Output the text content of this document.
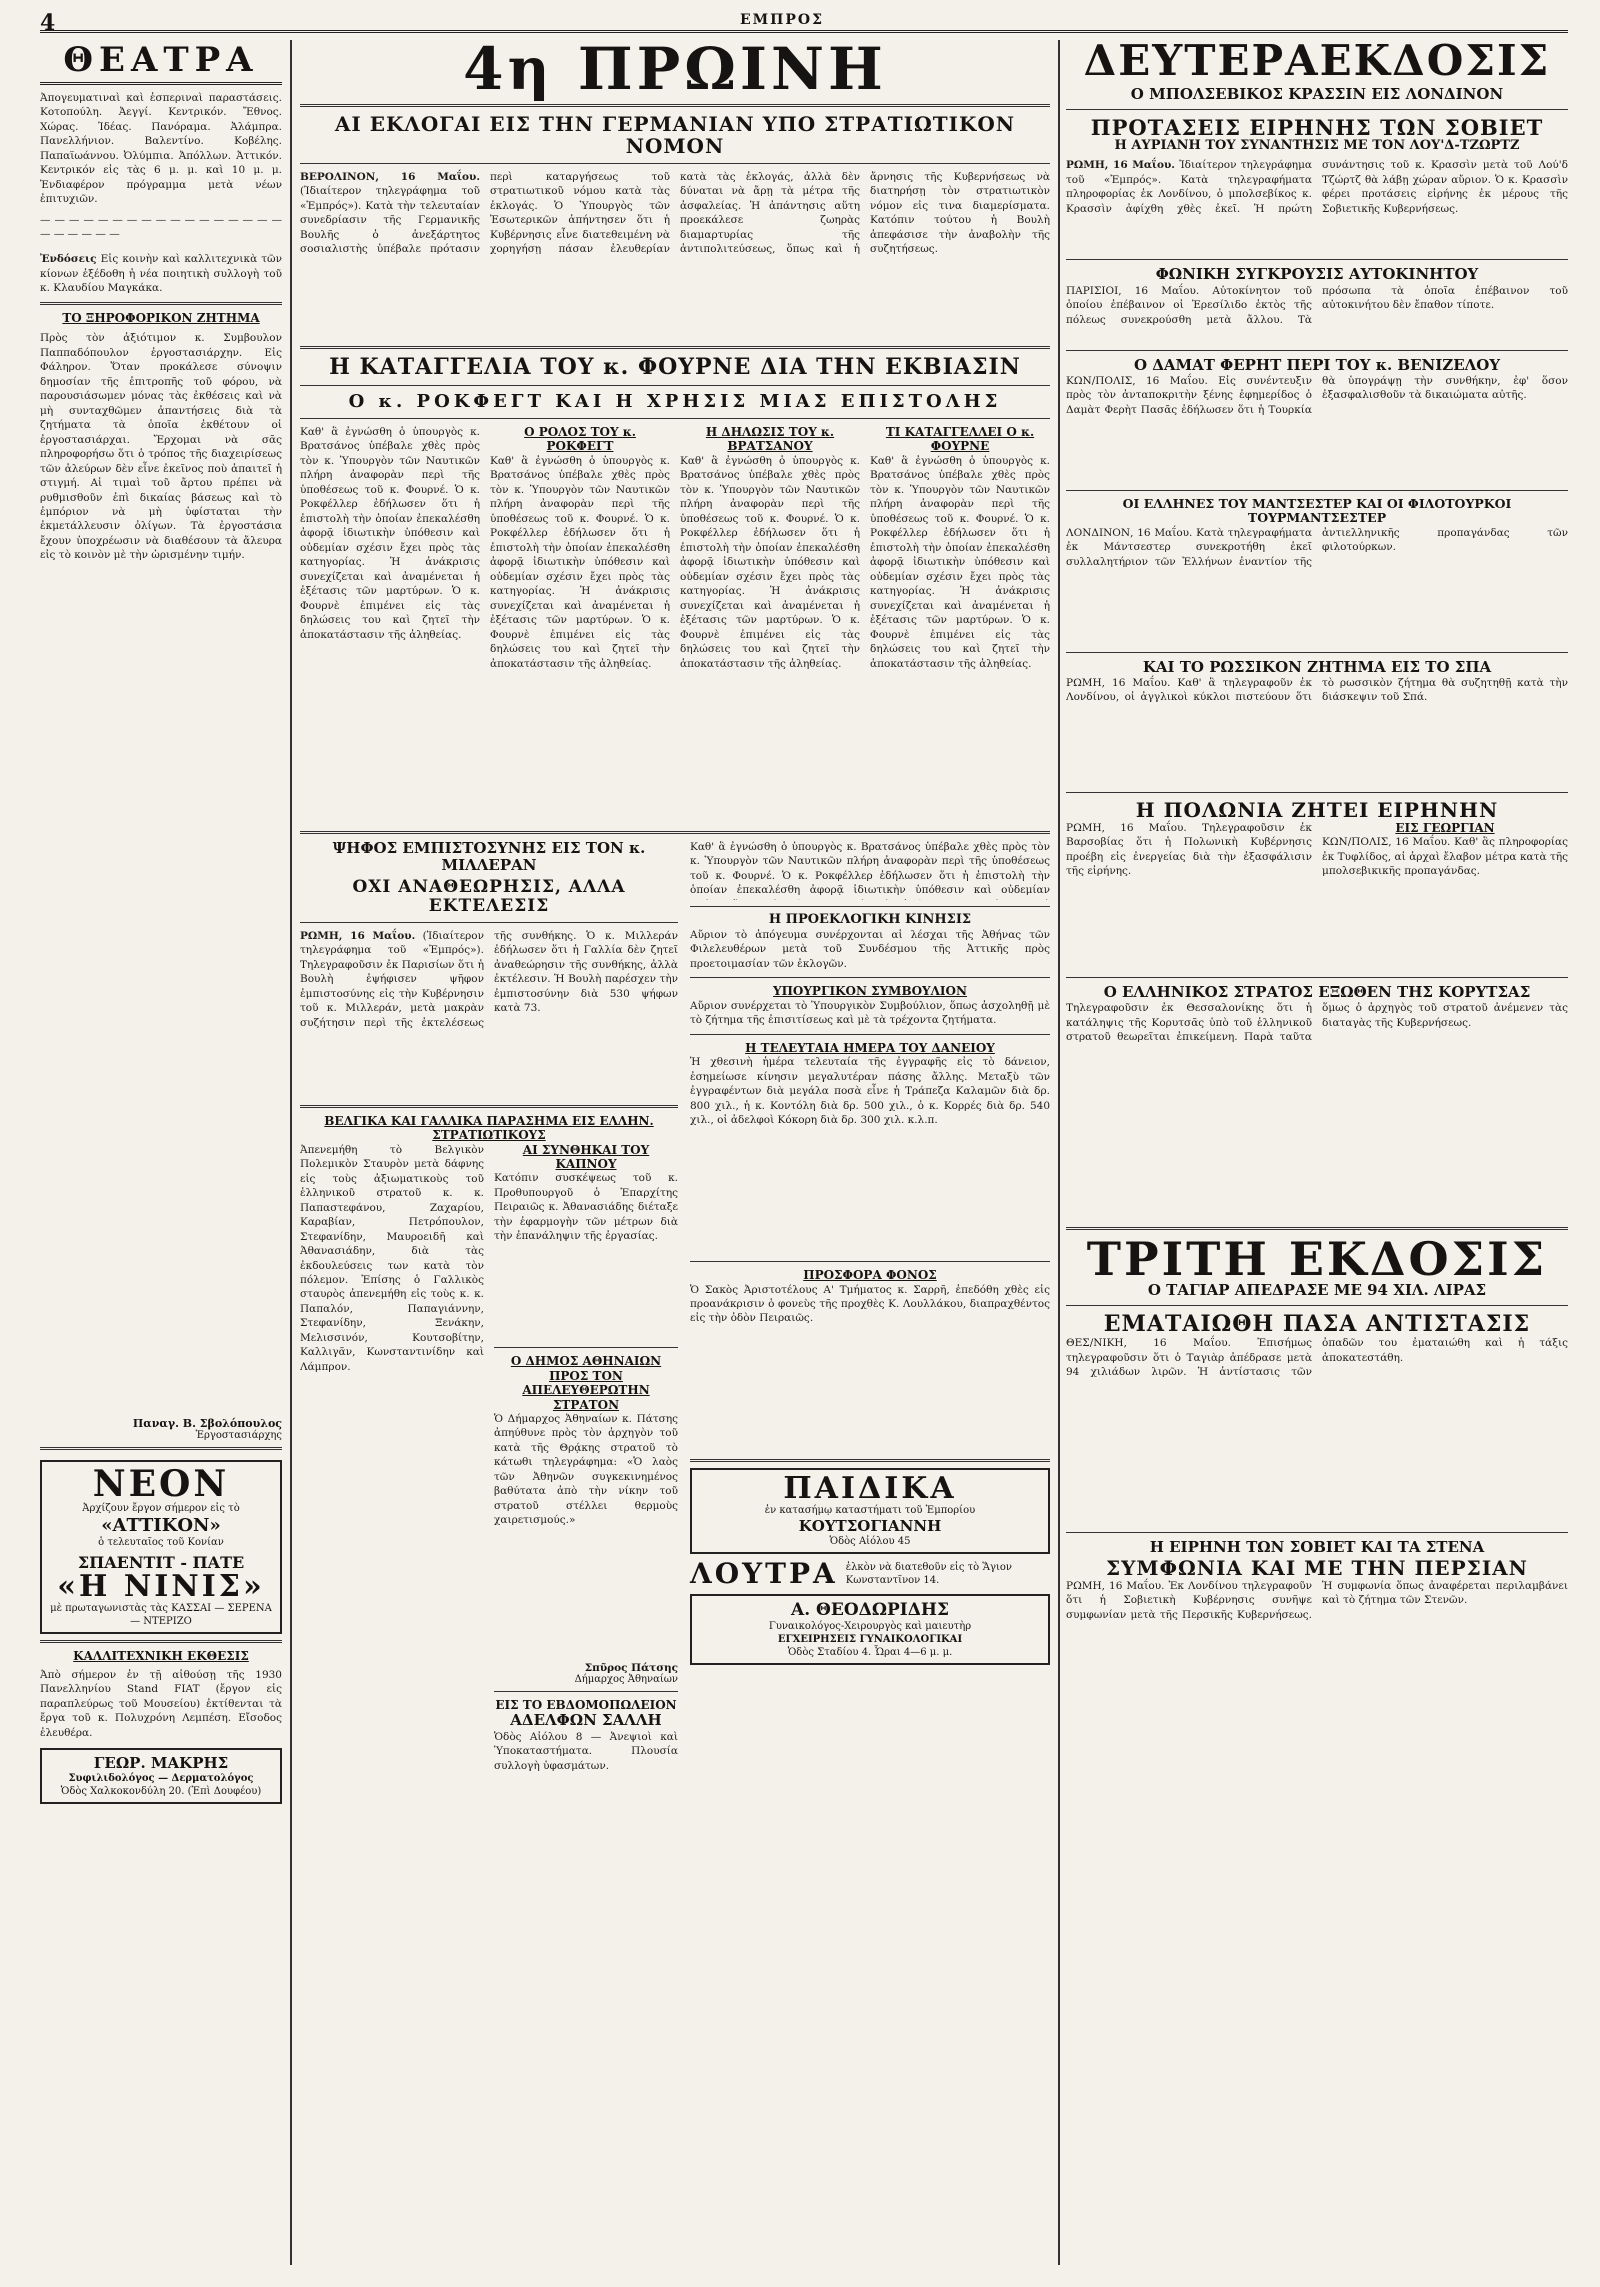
4	ΕΜΠΡΟΣ
ΘΕΑΤΡΑ

Ἀπογευματιναὶ καὶ ἑσπεριναὶ παραστάσεις. Κοτοπούλη. Ἀεγγί. Κεντρικόν. Ἔθνος. Χώρας. Ἰδέας. Πανόραμα. Ἀλάμπρα. Πανελλήνιον. Βαλεντίνο. Κοβέλης. Παπαϊωάννου. Ὀλύμπια. Ἀπόλλων. Ἀττικόν. Κεντρικόν εἰς τὰς 6 μ. μ. καὶ 10 μ. μ. Ἐνδιαφέρον πρόγραμμα μετὰ νέων ἐπιτυχιῶν.

— — — — — — — — — — — — — — — — — — — — — — —

Ἐνδόσεις Εἰς κοινὴν καὶ καλλιτεχνικὰ τῶν κίονων ἐξέδοθη ἡ νέα ποιητικὴ συλλογὴ τοῦ κ. Κλαυδίου Μαγκάκα.

ΤΟ ΞΗΡΟΦΟΡΙΚΟΝ ΖΗΤΗΜΑ

Πρὸς τὸν ἀξιότιμον κ. Συμβουλον Παππαδόπουλον ἐργοστασιάρχην. Εἰς Φάληρον. Ὅταν προκάλεσε σύνοψιν δημοσίαν τῆς ἐπιτροπῆς τοῦ φόρου, νὰ παρουσιάσωμεν μόνας τὰς ἐκθέσεις καὶ νὰ μὴ συνταχθῶμεν ἀπαντήσεις διὰ τὰ ζητήματα τὰ ὁποῖα ἐκθέτουν οἱ ἐργοστασιάρχαι. Ἔρχομαι νὰ σᾶς πληροφορήσω ὅτι ὁ τρόπος τῆς διαχειρίσεως τῶν ἀλεύρων δὲν εἶνε ἐκεῖνος ποὺ ἀπαιτεῖ ἡ στιγμή. Αἱ τιμαὶ τοῦ ἄρτου πρέπει νὰ ρυθμισθοῦν ἐπὶ δικαίας βάσεως καὶ τὸ ἐμπόριον νὰ μὴ ὑφίσταται τὴν ἐκμετάλλευσιν ὀλίγων. Τὰ ἐργοστάσια ἔχουν ὑποχρέωσιν νὰ διαθέσουν τὰ ἄλευρα εἰς τὸ κοινὸν μὲ τὴν ὡρισμένην τιμήν.

Παναγ. Β. Σβολόπουλος
Ἐργοστασιάρχης
ΝΕΟΝ
Ἀρχίζουν ἔργον σήμερον εἰς τὸ
«ΑΤΤΙΚΟΝ»
ὁ τελευταῖος τοῦ Κονίαν
ΣΠΑΕΝΤΙΤ - ΠΑΤΕ
«Η ΝΙΝΙΣ»
μὲ πρωταγωνιστὰς τὰς ΚΑΣΣΑΙ — ΣΕΡΕΝΑ — ΝΤΕΡΙΖΟ
ΚΑΛΛΙΤΕΧΝΙΚΗ ΕΚΘΕΣΙΣ

Ἀπὸ σήμερον ἐν τῇ αἰθούσῃ τῆς 1930 Πανελληνίου Stand FIAT (ἔργον εἰς παραπλεύρως τοῦ Μουσείου) ἐκτίθενται τὰ ἔργα τοῦ κ. Πολυχρόνη Λεμπέση. Εἴσοδος ἐλευθέρα.

ΓΕΩΡ. ΜΑΚΡΗΣ
Συφιλιδολόγος — Δερματολόγος
Ὁδὸς Χαλκοκονδύλη 20. (Ἐπὶ Δουφέου)
4η ΠΡΩΙΝΗ
ΑΙ ΕΚΛΟΓΑΙ ΕΙΣ ΤΗΝ ΓΕΡΜΑΝΙΑΝ ΥΠΟ ΣΤΡΑΤΙΩΤΙΚΟΝ ΝΟΜΟΝ

ΒΕΡΟΛΙΝΟΝ, 16 Μαΐου. (Ἰδιαίτερον τηλεγράφημα τοῦ «Ἐμπρός»). Κατὰ τὴν τελευταίαν συνεδρίασιν τῆς Γερμανικῆς Βουλῆς ὁ ἀνεξάρτητος σοσιαλιστὴς ὑπέβαλε πρότασιν περὶ καταργήσεως τοῦ στρατιωτικοῦ νόμου κατὰ τὰς ἐκλογάς. Ὁ Ὑπουργὸς τῶν Ἐσωτερικῶν ἀπήντησεν ὅτι ἡ Κυβέρνησις εἶνε διατεθειμένη νὰ χορηγήσῃ πάσαν ἐλευθερίαν κατὰ τὰς ἐκλογάς, ἀλλὰ δὲν δύναται νὰ ἄρῃ τὰ μέτρα τῆς ἀσφαλείας. Ἡ ἀπάντησις αὕτη προεκάλεσε ζωηρὰς διαμαρτυρίας τῆς ἀντιπολιτεύσεως, ὅπως καὶ ἡ ἄρνησις τῆς Κυβερνήσεως νὰ διατηρήσῃ τὸν στρατιωτικὸν νόμον εἰς τινα διαμερίσματα. Κατόπιν τούτου ἡ Βουλὴ ἀπεφάσισε τὴν ἀναβολὴν τῆς συζητήσεως.

Η ΚΑΤΑΓΓΕΛΙΑ ΤΟΥ κ. ΦΟΥΡΝΕ ΔΙΑ ΤΗΝ ΕΚΒΙΑΣΙΝ
Ο κ. ΡΟΚΦΕΓΤ ΚΑΙ Η ΧΡΗΣΙΣ ΜΙΑΣ ΕΠΙΣΤΟΛΗΣ

Καθ' ἃ ἐγνώσθη ὁ ὑπουργὸς κ. Βρατσάνος ὑπέβαλε χθὲς πρὸς τὸν κ. Ὑπουργὸν τῶν Ναυτικῶν πλήρη ἀναφορὰν περὶ τῆς ὑποθέσεως τοῦ κ. Φουρνέ. Ὁ κ. Ροκφέλλερ ἐδήλωσεν ὅτι ἡ ἐπιστολὴ τὴν ὁποίαν ἐπεκαλέσθη ἀφορᾷ ἰδιωτικὴν ὑπόθεσιν καὶ οὐδεμίαν σχέσιν ἔχει πρὸς τὰς κατηγορίας. Ἡ ἀνάκρισις συνεχίζεται καὶ ἀναμένεται ἡ ἐξέτασις τῶν μαρτύρων. Ὁ κ. Φουρνὲ ἐπιμένει εἰς τὰς δηλώσεις του καὶ ζητεῖ τὴν ἀποκατάστασιν τῆς ἀληθείας.

Ο ΡΟΛΟΣ ΤΟΥ κ. ΡΟΚΦΕΓΤ

Καθ' ἃ ἐγνώσθη ὁ ὑπουργὸς κ. Βρατσάνος ὑπέβαλε χθὲς πρὸς τὸν κ. Ὑπουργὸν τῶν Ναυτικῶν πλήρη ἀναφορὰν περὶ τῆς ὑποθέσεως τοῦ κ. Φουρνέ. Ὁ κ. Ροκφέλλερ ἐδήλωσεν ὅτι ἡ ἐπιστολὴ τὴν ὁποίαν ἐπεκαλέσθη ἀφορᾷ ἰδιωτικὴν ὑπόθεσιν καὶ οὐδεμίαν σχέσιν ἔχει πρὸς τὰς κατηγορίας. Ἡ ἀνάκρισις συνεχίζεται καὶ ἀναμένεται ἡ ἐξέτασις τῶν μαρτύρων. Ὁ κ. Φουρνὲ ἐπιμένει εἰς τὰς δηλώσεις του καὶ ζητεῖ τὴν ἀποκατάστασιν τῆς ἀληθείας.

Η ΔΗΛΩΣΙΣ ΤΟΥ κ. ΒΡΑΤΣΑΝΟΥ

Καθ' ἃ ἐγνώσθη ὁ ὑπουργὸς κ. Βρατσάνος ὑπέβαλε χθὲς πρὸς τὸν κ. Ὑπουργὸν τῶν Ναυτικῶν πλήρη ἀναφορὰν περὶ τῆς ὑποθέσεως τοῦ κ. Φουρνέ. Ὁ κ. Ροκφέλλερ ἐδήλωσεν ὅτι ἡ ἐπιστολὴ τὴν ὁποίαν ἐπεκαλέσθη ἀφορᾷ ἰδιωτικὴν ὑπόθεσιν καὶ οὐδεμίαν σχέσιν ἔχει πρὸς τὰς κατηγορίας. Ἡ ἀνάκρισις συνεχίζεται καὶ ἀναμένεται ἡ ἐξέτασις τῶν μαρτύρων. Ὁ κ. Φουρνὲ ἐπιμένει εἰς τὰς δηλώσεις του καὶ ζητεῖ τὴν ἀποκατάστασιν τῆς ἀληθείας.

ΤΙ ΚΑΤΑΓΓΕΛΛΕΙ Ο κ. ΦΟΥΡΝΕ

Καθ' ἃ ἐγνώσθη ὁ ὑπουργὸς κ. Βρατσάνος ὑπέβαλε χθὲς πρὸς τὸν κ. Ὑπουργὸν τῶν Ναυτικῶν πλήρη ἀναφορὰν περὶ τῆς ὑποθέσεως τοῦ κ. Φουρνέ. Ὁ κ. Ροκφέλλερ ἐδήλωσεν ὅτι ἡ ἐπιστολὴ τὴν ὁποίαν ἐπεκαλέσθη ἀφορᾷ ἰδιωτικὴν ὑπόθεσιν καὶ οὐδεμίαν σχέσιν ἔχει πρὸς τὰς κατηγορίας. Ἡ ἀνάκρισις συνεχίζεται καὶ ἀναμένεται ἡ ἐξέτασις τῶν μαρτύρων. Ὁ κ. Φουρνὲ ἐπιμένει εἰς τὰς δηλώσεις του καὶ ζητεῖ τὴν ἀποκατάστασιν τῆς ἀληθείας.

ΨΗΦΟΣ ΕΜΠΙΣΤΟΣΥΝΗΣ ΕΙΣ ΤΟΝ κ. ΜΙΛΛΕΡΑΝ
ΟΧΙ ΑΝΑΘΕΩΡΗΣΙΣ, ΑΛΛΑ ΕΚΤΕΛΕΣΙΣ

ΡΩΜΗ, 16 Μαΐου. (Ἰδιαίτερον τηλεγράφημα τοῦ «Ἐμπρός»). Τηλεγραφοῦσιν ἐκ Παρισίων ὅτι ἡ Βουλὴ ἐψήφισεν ψῆφον ἐμπιστοσύνης εἰς τὴν Κυβέρνησιν τοῦ κ. Μιλλεράν, μετὰ μακρὰν συζήτησιν περὶ τῆς ἐκτελέσεως τῆς συνθήκης. Ὁ κ. Μιλλεράν ἐδήλωσεν ὅτι ἡ Γαλλία δὲν ζητεῖ ἀναθεώρησιν τῆς συνθήκης, ἀλλὰ ἐκτέλεσιν. Ἡ Βουλὴ παρέσχεν τὴν ἐμπιστοσύνην διὰ 530 ψήφων κατὰ 73.

ΒΕΛΓΙΚΑ ΚΑΙ ΓΑΛΛΙΚΑ ΠΑΡΑΣΗΜΑ ΕΙΣ ΕΛΛΗΝ. ΣΤΡΑΤΙΩΤΙΚΟΥΣ

Ἀπενεμήθη τὸ Βελγικὸν Πολεμικὸν Σταυρὸν μετὰ δάφνης εἰς τοὺς ἀξιωματικοὺς τοῦ ἑλληνικοῦ στρατοῦ κ. κ. Παπαστεφάνου, Ζαχαρίου, Καραβίαν, Πετρόπουλον, Στεφανίδην, Μαυροειδῆ καὶ Ἀθανασιάδην, διὰ τὰς ἐκδουλεύσεις των κατὰ τὸν πόλεμον. Ἐπίσης ὁ Γαλλικὸς σταυρὸς ἀπενεμήθη εἰς τοὺς κ. κ. Παπαλόν, Παπαγιάννην, Στεφανίδην, Ξενάκην, Μελισσινόν, Κουτσοβίτην, Καλλιγᾶν, Κωνσταντινίδην καὶ Λάμπρον.

ΑΙ ΣΥΝΘΗΚΑΙ ΤΟΥ ΚΑΠΝΟΥ

Κατόπιν συσκέψεως τοῦ κ. Προθυπουργοῦ ὁ Ἐπαρχίτης Πειραιῶς κ. Ἀθανασιάδης διέταξε τὴν ἐφαρμογὴν τῶν μέτρων διὰ τὴν ἐπανάληψιν τῆς ἐργασίας.

Ο ΔΗΜΟΣ ΑΘΗΝΑΙΩΝ ΠΡΟΣ ΤΟΝ ΑΠΕΛΕΥΘΕΡΩΤΗΝ ΣΤΡΑΤΟΝ

Ὁ Δήμαρχος Ἀθηναίων κ. Πάτσης ἀπηύθυνε πρὸς τὸν ἀρχηγὸν τοῦ κατὰ τῆς Θρᾴκης στρατοῦ τὸ κάτωθι τηλεγράφημα: «Ὁ λαὸς τῶν Ἀθηνῶν συγκεκινημένος βαθύτατα ἀπὸ τὴν νίκην τοῦ στρατοῦ στέλλει θερμοὺς χαιρετισμούς.»

Σπῦρος Πάτσης
Δήμαρχος Ἀθηναίων
ΕΙΣ ΤΟ ΕΒΔΟΜΟΠΩΛΕΙΟΝ
ΑΔΕΛΦΩΝ ΣΑΛΛΗ

Ὁδὸς Αἰόλου 8 — Ἀνεψιοὶ καὶ Ὑποκαταστήματα. Πλουσία συλλογὴ ὑφασμάτων.

Καθ' ἃ ἐγνώσθη ὁ ὑπουργὸς κ. Βρατσάνος ὑπέβαλε χθὲς πρὸς τὸν κ. Ὑπουργὸν τῶν Ναυτικῶν πλήρη ἀναφορὰν περὶ τῆς ὑποθέσεως τοῦ κ. Φουρνέ. Ὁ κ. Ροκφέλλερ ἐδήλωσεν ὅτι ἡ ἐπιστολὴ τὴν ὁποίαν ἐπεκαλέσθη ἀφορᾷ ἰδιωτικὴν ὑπόθεσιν καὶ οὐδεμίαν

Η ΠΡΟΕΚΛΟΓΙΚΗ ΚΙΝΗΣΙΣ

Αὔριον τὸ ἀπόγευμα συνέρχονται αἱ λέσχαι τῆς Ἀθήνας τῶν Φιλελευθέρων μετὰ τοῦ Συνδέσμου τῆς Ἀττικῆς πρὸς προετοιμασίαν τῶν ἐκλογῶν.

ΥΠΟΥΡΓΙΚΟΝ ΣΥΜΒΟΥΛΙΟΝ

Αὔριον συνέρχεται τὸ Ὑπουργικὸν Συμβούλιον, ὅπως ἀσχοληθῇ μὲ τὸ ζήτημα τῆς ἐπισιτίσεως καὶ μὲ τὰ τρέχοντα ζητήματα.

Η ΤΕΛΕΥΤΑΙΑ ΗΜΕΡΑ ΤΟΥ ΔΑΝΕΙΟΥ

Ἡ χθεσινὴ ἡμέρα τελευταία τῆς ἐγγραφῆς εἰς τὸ δάνειον, ἐσημείωσε κίνησιν μεγαλυτέραν πάσης ἄλλης. Μεταξὺ τῶν ἐγγραφέντων διὰ μεγάλα ποσὰ εἶνε ἡ Τράπεζα Καλαμῶν διὰ δρ. 800 χιλ., ἡ κ. Κοντόλη διὰ δρ. 500 χιλ., ὁ κ. Κορρές διὰ δρ. 540 χιλ., οἱ ἀδελφοὶ Κόκορη διὰ δρ. 300 χιλ. κ.λ.π.

ΠΡΟΣΦΟΡΑ ΦΟΝΟΣ

Ὁ Σακὸς Ἀριστοτέλους Α' Τμήματος κ. Σαρρῆ, ἐπεδόθη χθὲς εἰς προανάκρισιν ὁ φονεὺς τῆς προχθὲς Κ. Λουλλάκου, διαπραχθέντος εἰς τὴν ὁδὸν Πειραιῶς.

ΠΑΙΔΙΚΑ
ἐν κατασήμῳ καταστήματι τοῦ Ἐμπορίου
ΚΟΥΤΣΟΓΙΑΝΝΗ
Ὁδὸς Αἰόλου 45
ΛΟΥΤΡΑ ἐλκὸν νὰ διατεθοῦν εἰς τὸ Ἅγιον Κωνσταντῖνον 14.
Α. ΘΕΟΔΩΡΙΔΗΣ
Γυναικολόγος-Χειρουργὸς καὶ μαιευτὴρ
ΕΓΧΕΙΡΗΣΕΙΣ ΓΥΝΑΙΚΟΛΟΓΙΚΑΙ
Ὁδὸς Σταδίου 4. Ὧραι 4—6 μ. μ.
ΔΕΥΤΕΡΑΕΚΔΟΣΙΣ
Ο ΜΠΟΛΣΕΒΙΚΟΣ ΚΡΑΣΣΙΝ ΕΙΣ ΛΟΝΔΙΝΟΝ
ΠΡΟΤΑΣΕΙΣ ΕΙΡΗΝΗΣ ΤΩΝ ΣΟΒΙΕΤ
Η ΑΥΡΙΑΝΗ ΤΟΥ ΣΥΝΑΝΤΗΣΙΣ ΜΕ ΤΟΝ ΛΟΥ'Δ-ΤΖΩΡΤΖ

ΡΩΜΗ, 16 Μαΐου. Ἰδιαίτερον τηλεγράφημα τοῦ «Ἐμπρός». Κατὰ τηλεγραφήματα πληροφορίας ἐκ Λονδίνου, ὁ μπολσεβίκος κ. Κρασσὶν ἀφίχθη χθὲς ἐκεῖ. Ἡ πρώτη συνάντησις τοῦ κ. Κρασσὶν μετὰ τοῦ Λού'δ Τζώρτζ θὰ λάβῃ χώραν αὔριον. Ὁ κ. Κρασσὶν φέρει προτάσεις εἰρήνης ἐκ μέρους τῆς Σοβιετικῆς Κυβερνήσεως.

ΦΩΝΙΚΗ ΣΥΓΚΡΟΥΣΙΣ ΑΥΤΟΚΙΝΗΤΟΥ

ΠΑΡΙΣΙΟΙ, 16 Μαΐου. Αὐτοκίνητον τοῦ ὁποίου ἐπέβαινον οἱ Ἐρεσίλιδο ἐκτὸς τῆς πόλεως συνεκρούσθη μετὰ ἄλλου. Τὰ πρόσωπα τὰ ὁποῖα ἐπέβαινον τοῦ αὐτοκινήτου δὲν ἔπαθον τίποτε.

Ο ΔΑΜΑΤ ΦΕΡΗΤ ΠΕΡΙ ΤΟΥ κ. ΒΕΝΙΖΕΛΟΥ

ΚΩΝ/ΠΟΛΙΣ, 16 Μαΐου. Εἰς συνέντευξιν πρὸς τὸν ἀνταποκριτὴν ξένης ἐφημερίδος ὁ Δαμὰτ Φερὴτ Πασᾶς ἐδήλωσεν ὅτι ἡ Τουρκία θὰ ὑπογράψῃ τὴν συνθήκην, ἐφ' ὅσον ἐξασφαλισθοῦν τὰ δικαιώματα αὐτῆς.

ΟΙ ΕΛΛΗΝΕΣ ΤΟΥ ΜΑΝΤΣΕΣΤΕΡ ΚΑΙ ΟΙ ΦΙΛΟΤΟΥΡΚΟΙ ΤΟΥΡΜΑΝΤΣΕΣΤΕΡ

ΛΟΝΔΙΝΟΝ, 16 Μαΐου. Κατὰ τηλεγραφήματα ἐκ Μάντσεστερ συνεκροτήθη ἐκεῖ συλλαλητήριον τῶν Ἑλλήνων ἐναντίον τῆς ἀντιελληνικῆς προπαγάνδας τῶν φιλοτούρκων.

ΚΑΙ ΤΟ ΡΩΣΣΙΚΟΝ ΖΗΤΗΜΑ ΕΙΣ ΤΟ ΣΠΑ

ΡΩΜΗ, 16 Μαΐου. Καθ' ἃ τηλεγραφοῦν ἐκ Λονδίνου, οἱ ἀγγλικοὶ κύκλοι πιστεύουν ὅτι τὸ ρωσσικὸν ζήτημα θὰ συζητηθῇ κατὰ τὴν διάσκεψιν τοῦ Σπά.

Η ΠΟΛΩΝΙΑ ΖΗΤΕΙ ΕΙΡΗΝΗΝ

ΡΩΜΗ, 16 Μαΐου. Τηλεγραφοῦσιν ἐκ Βαρσοβίας ὅτι ἡ Πολωνικὴ Κυβέρνησις προέβη εἰς ἐνεργείας διὰ τὴν ἐξασφάλισιν τῆς εἰρήνης.

ΕΙΣ ΓΕΩΡΓΙΑΝ

ΚΩΝ/ΠΟΛΙΣ, 16 Μαΐου. Καθ' ἃς πληροφορίας ἐκ Τυφλίδος, αἱ ἀρχαὶ ἔλαβον μέτρα κατὰ τῆς μπολσεβικικῆς προπαγάνδας.

Ο ΕΛΛΗΝΙΚΟΣ ΣΤΡΑΤΟΣ ΕΞΩΘΕΝ ΤΗΣ ΚΟΡΥΤΣΑΣ

Τηλεγραφοῦσιν ἐκ Θεσσαλονίκης ὅτι ἡ κατάληψις τῆς Κορυτσᾶς ὑπὸ τοῦ ἑλληνικοῦ στρατοῦ θεωρεῖται ἐπικείμενη. Παρὰ ταῦτα ὅμως ὁ ἀρχηγὸς τοῦ στρατοῦ ἀνέμενεν τὰς διαταγὰς τῆς Κυβερνήσεως.

ΤΡΙΤΗ ΕΚΔΟΣΙΣ
Ο ΤΑΓΙΑΡ ΑΠΕΔΡΑΣΕ ΜΕ 94 ΧΙΛ. ΛΙΡΑΣ
ΕΜΑΤΑΙΩΘΗ ΠΑΣΑ ΑΝΤΙΣΤΑΣΙΣ

ΘΕΣ/ΝΙΚΗ, 16 Μαΐου. Ἐπισήμως τηλεγραφοῦσιν ὅτι ὁ Ταγιὰρ ἀπέδρασε μετὰ 94 χιλιάδων λιρῶν. Ἡ ἀντίστασις τῶν ὀπαδῶν του ἐματαιώθη καὶ ἡ τάξις ἀποκατεστάθη.

Η ΕΙΡΗΝΗ ΤΩΝ ΣΟΒΙΕΤ ΚΑΙ ΤΑ ΣΤΕΝΑ
ΣΥΜΦΩΝΙΑ ΚΑΙ ΜΕ ΤΗΝ ΠΕΡΣΙΑΝ

ΡΩΜΗ, 16 Μαΐου. Ἐκ Λονδίνου τηλεγραφοῦν ὅτι ἡ Σοβιετικὴ Κυβέρνησις συνῆψε συμφωνίαν μετὰ τῆς Περσικῆς Κυβερνήσεως. Ἡ συμφωνία ὅπως ἀναφέρεται περιλαμβάνει καὶ τὸ ζήτημα τῶν Στενῶν.
